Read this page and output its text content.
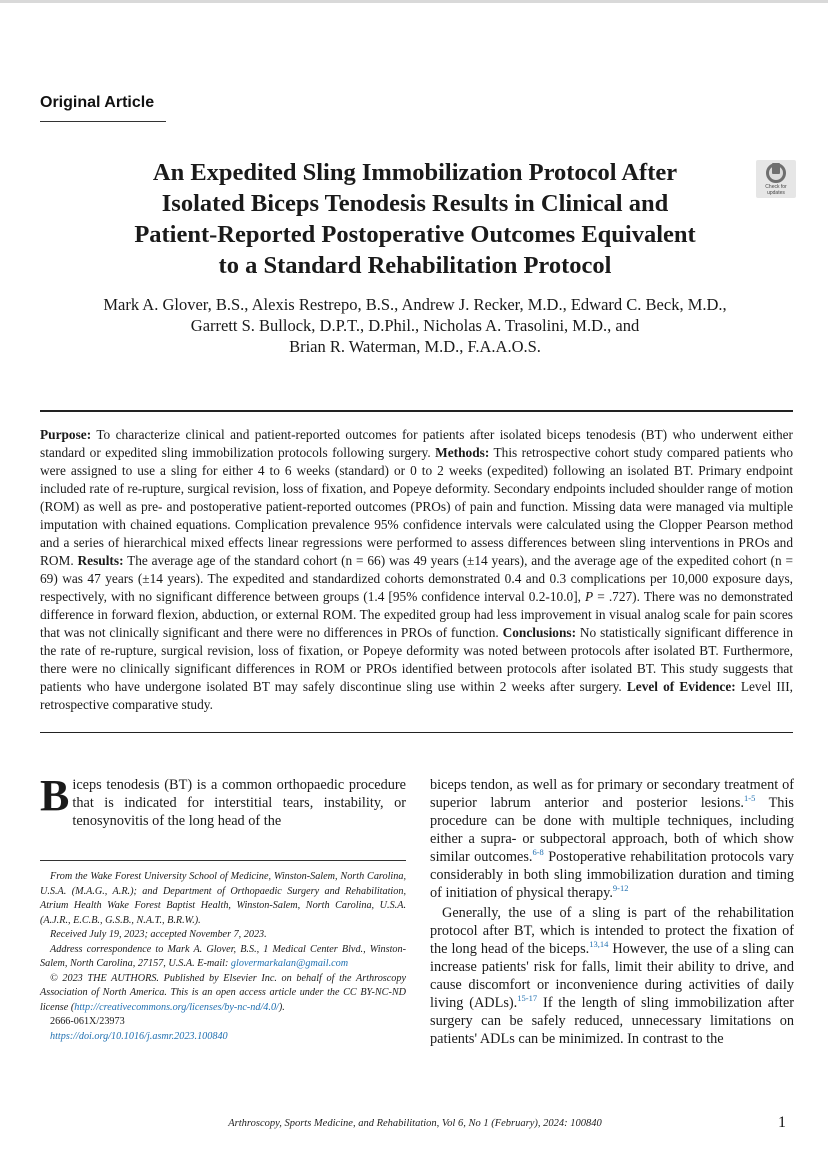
Original Article
An Expedited Sling Immobilization Protocol After
Isolated Biceps Tenodesis Results in Clinical and
Patient-Reported Postoperative Outcomes Equivalent
to a Standard Rehabilitation Protocol
Check for
updates
Mark A. Glover, B.S., Alexis Restrepo, B.S., Andrew J. Recker, M.D., Edward C. Beck, M.D.,
Garrett S. Bullock, D.P.T., D.Phil., Nicholas A. Trasolini, M.D., and
Brian R. Waterman, M.D., F.A.A.O.S.
Purpose: To characterize clinical and patient-reported outcomes for patients after isolated biceps tenodesis (BT) who underwent either standard or expedited sling immobilization protocols following surgery. Methods: This retrospective cohort study compared patients who were assigned to use a sling for either 4 to 6 weeks (standard) or 0 to 2 weeks (expedited) following an isolated BT. Primary endpoint included rate of re-rupture, surgical revision, loss of fixation, and Popeye deformity. Secondary endpoints included shoulder range of motion (ROM) as well as pre- and postoperative patient-reported outcomes (PROs) of pain and function. Missing data were managed via multiple imputation with chained equations. Complication prevalence 95% confidence intervals were calculated using the Clopper Pearson method and a series of hierarchical mixed effects linear regressions were performed to assess differences between sling interventions in PROs and ROM. Results: The average age of the standard cohort (n = 66) was 49 years (±14 years), and the average age of the expedited cohort (n = 69) was 47 years (±14 years). The expedited and standardized cohorts demonstrated 0.4 and 0.3 complications per 10,000 exposure days, respectively, with no significant difference between groups (1.4 [95% confidence interval 0.2-10.0], P = .727). There was no demonstrated difference in forward flexion, abduction, or external ROM. The expedited group had less improvement in visual analog scale for pain scores that was not clinically significant and there were no differences in PROs of function. Conclusions: No statistically significant difference in the rate of re-rupture, surgical revision, loss of fixation, or Popeye deformity was noted between protocols after isolated BT. Furthermore, there were no clinically significant differences in ROM or PROs identified between protocols after isolated BT. This study suggests that patients who have undergone isolated BT may safely discontinue sling use within 2 weeks after surgery. Level of Evidence: Level III, retrospective comparative study.
Biceps tenodesis (BT) is a common orthopaedic procedure that is indicated for interstitial tears, instability, or tenosynovitis of the long head of the

From the Wake Forest University School of Medicine, Winston-Salem, North Carolina, U.S.A. (M.A.G., A.R.); and Department of Orthopaedic Surgery and Rehabilitation, Atrium Health Wake Forest Baptist Health, Winston-Salem, North Carolina, U.S.A. (A.J.R., E.C.B., G.S.B., N.A.T., B.R.W.).

Received July 19, 2023; accepted November 7, 2023.

Address correspondence to Mark A. Glover, B.S., 1 Medical Center Blvd., Winston-Salem, North Carolina, 27157, U.S.A. E-mail: glovermarkalan@gmail.com

© 2023 THE AUTHORS. Published by Elsevier Inc. on behalf of the Arthroscopy Association of North America. This is an open access article under the CC BY-NC-ND license (http://creativecommons.org/licenses/by-nc-nd/4.0/).

2666-061X/23973

https://doi.org/10.1016/j.asmr.2023.100840

biceps tendon, as well as for primary or secondary treatment of superior labrum anterior and posterior lesions.$^{1-5}$ This procedure can be done with multiple techniques, including either a supra- or subpectoral approach, both of which show similar outcomes.$^{6-8}$ Postoperative rehabilitation protocols vary considerably in both sling immobilization duration and timing of initiation of physical therapy.$^{9-12}$

Generally, the use of a sling is part of the rehabilitation protocol after BT, which is intended to protect the fixation of the long head of the biceps.$^{13,14}$ However, the use of a sling can increase patients' risk for falls, limit their ability to drive, and cause discomfort or inconvenience during activities of daily living (ADLs).$^{15-17}$ If the length of sling immobilization after surgery can be safely reduced, unnecessary limitations on patients' ADLs can be minimized. In contrast to the

Arthroscopy, Sports Medicine, and Rehabilitation, Vol 6, No 1 (February), 2024: 100840	1
